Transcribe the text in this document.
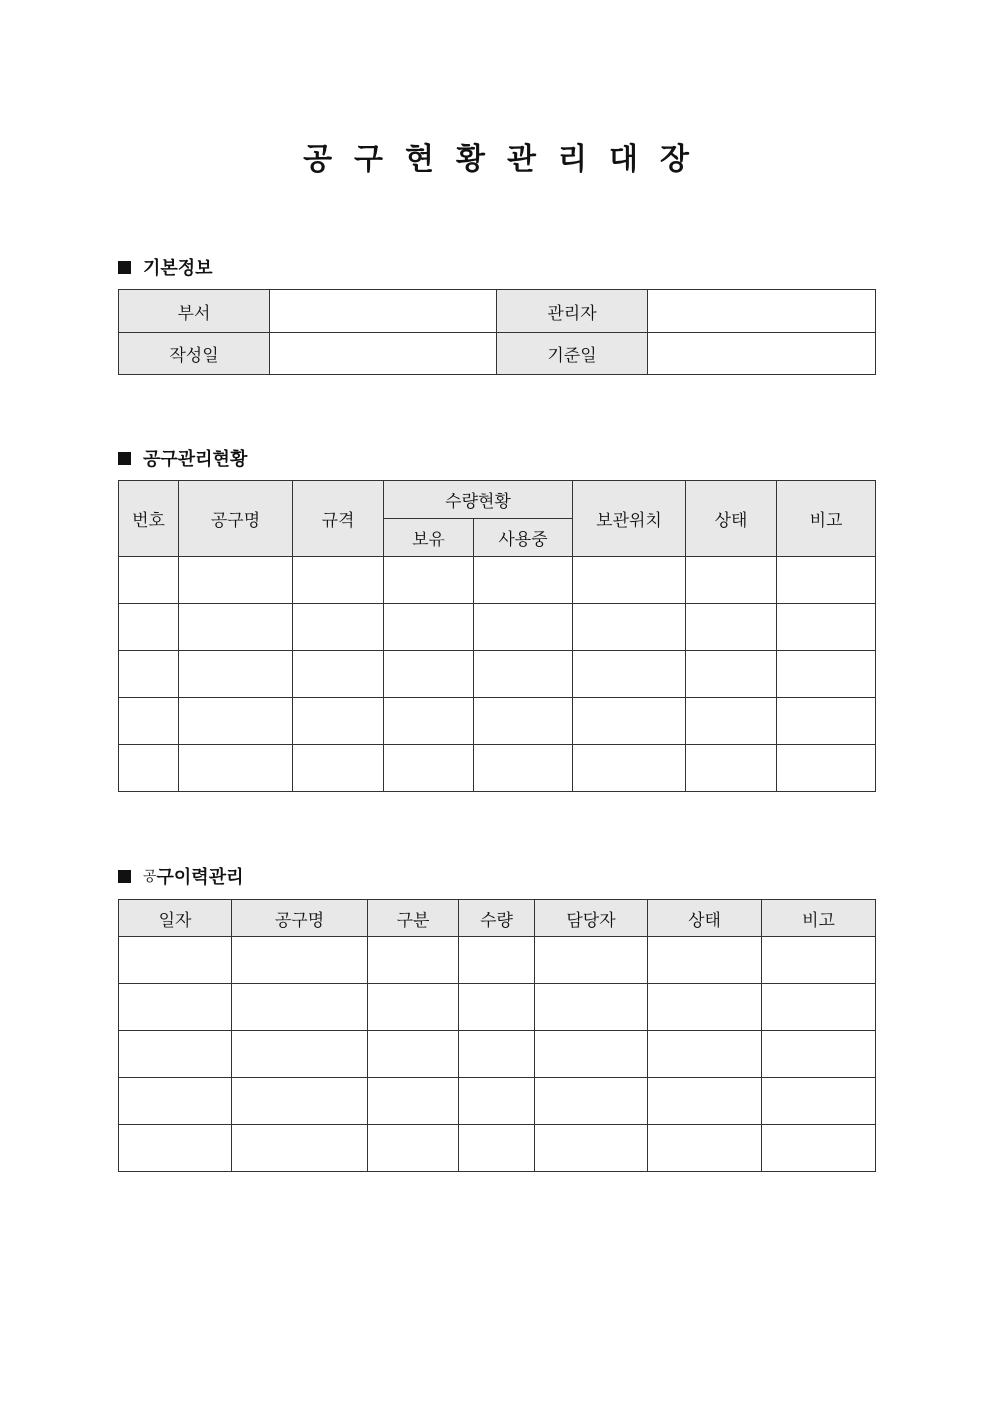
공구현황관리대장
기본정보
부서		관리자	
작성일		기준일	
공구관리현황
번호	공구명	규격	수량현황		보관위치	상태	비고
			보유	사용중			

공 구이력관리
일자	공구명	구분	수량	담당자	상태	비고
